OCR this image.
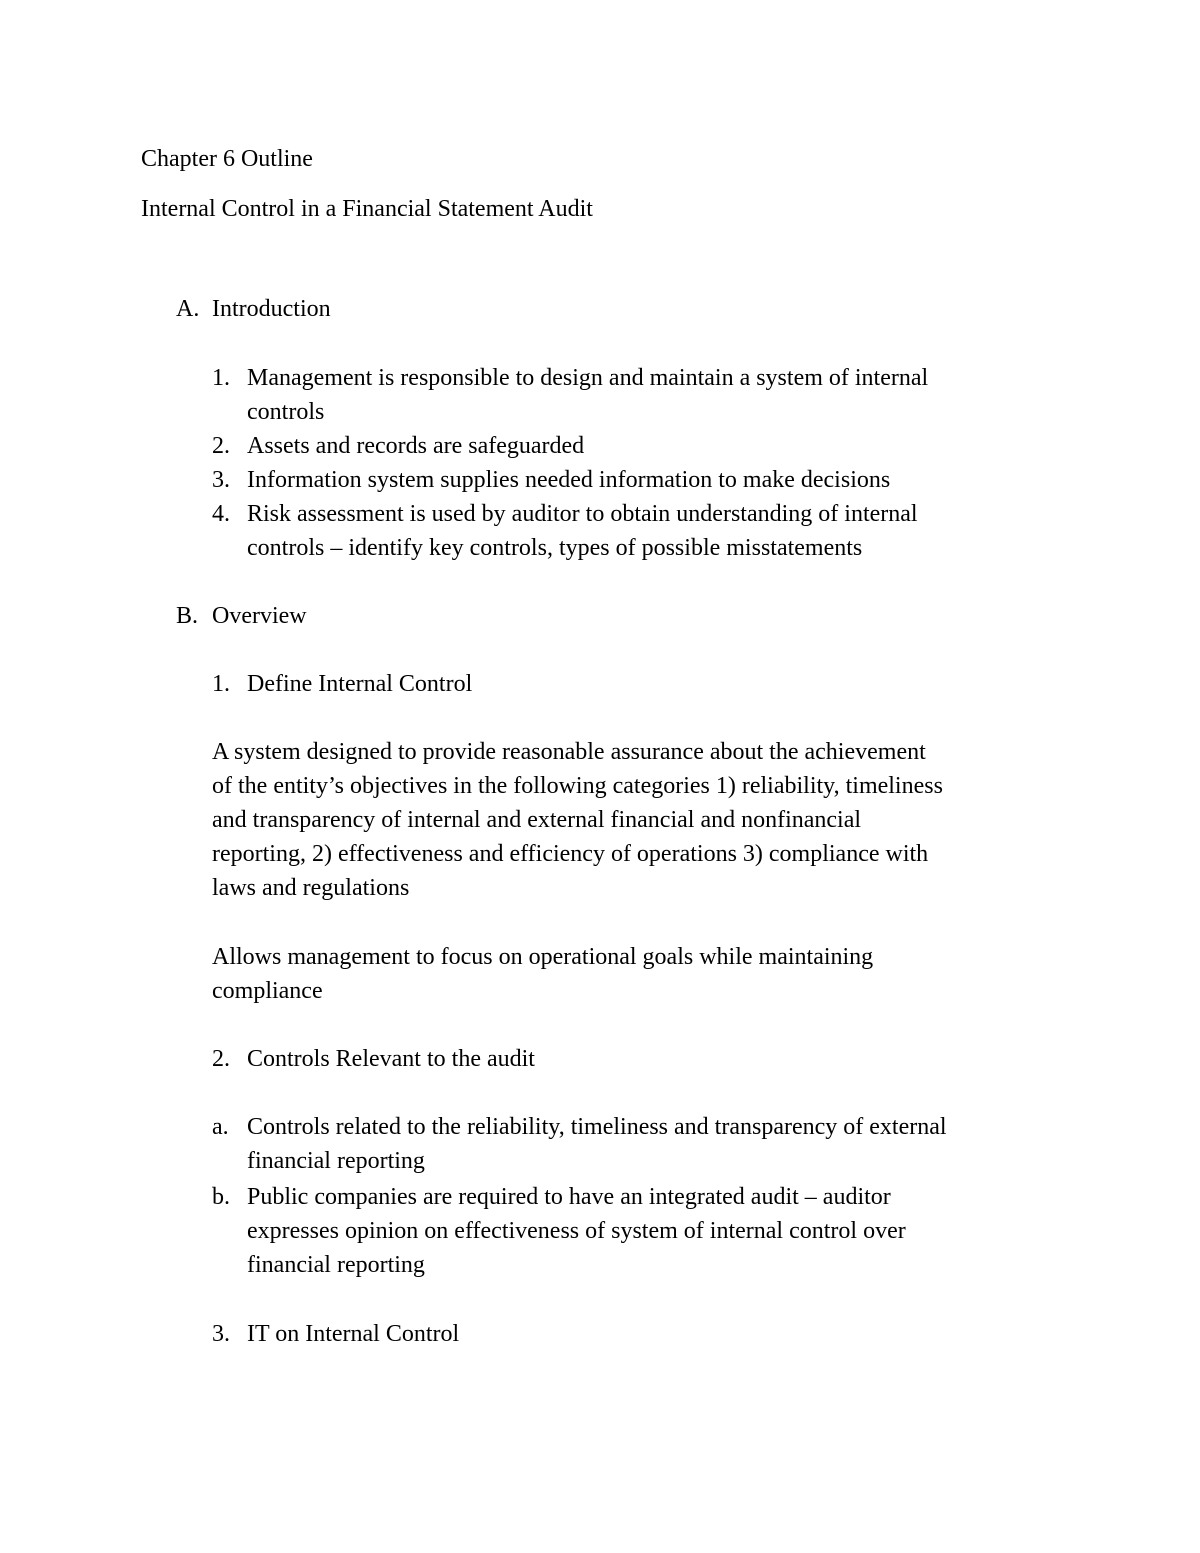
Chapter 6 Outline

Internal Control in a Financial Statement Audit

A. Introduction

1. Management is responsible to design and maintain a system of internal

controls

2. Assets and records are safeguarded

3. Information system supplies needed information to make decisions

4. Risk assessment is used by auditor to obtain understanding of internal

controls – identify key controls, types of possible misstatements

B. Overview

1. Define Internal Control

A system designed to provide reasonable assurance about the achievement

of the entity’s objectives in the following categories 1) reliability, timeliness

and transparency of internal and external financial and nonfinancial

reporting, 2) effectiveness and efficiency of operations 3) compliance with

laws and regulations

Allows management to focus on operational goals while maintaining

compliance

2. Controls Relevant to the audit

a. Controls related to the reliability, timeliness and transparency of external

financial reporting

b. Public companies are required to have an integrated audit – auditor

expresses opinion on effectiveness of system of internal control over

financial reporting

3. IT on Internal Control
